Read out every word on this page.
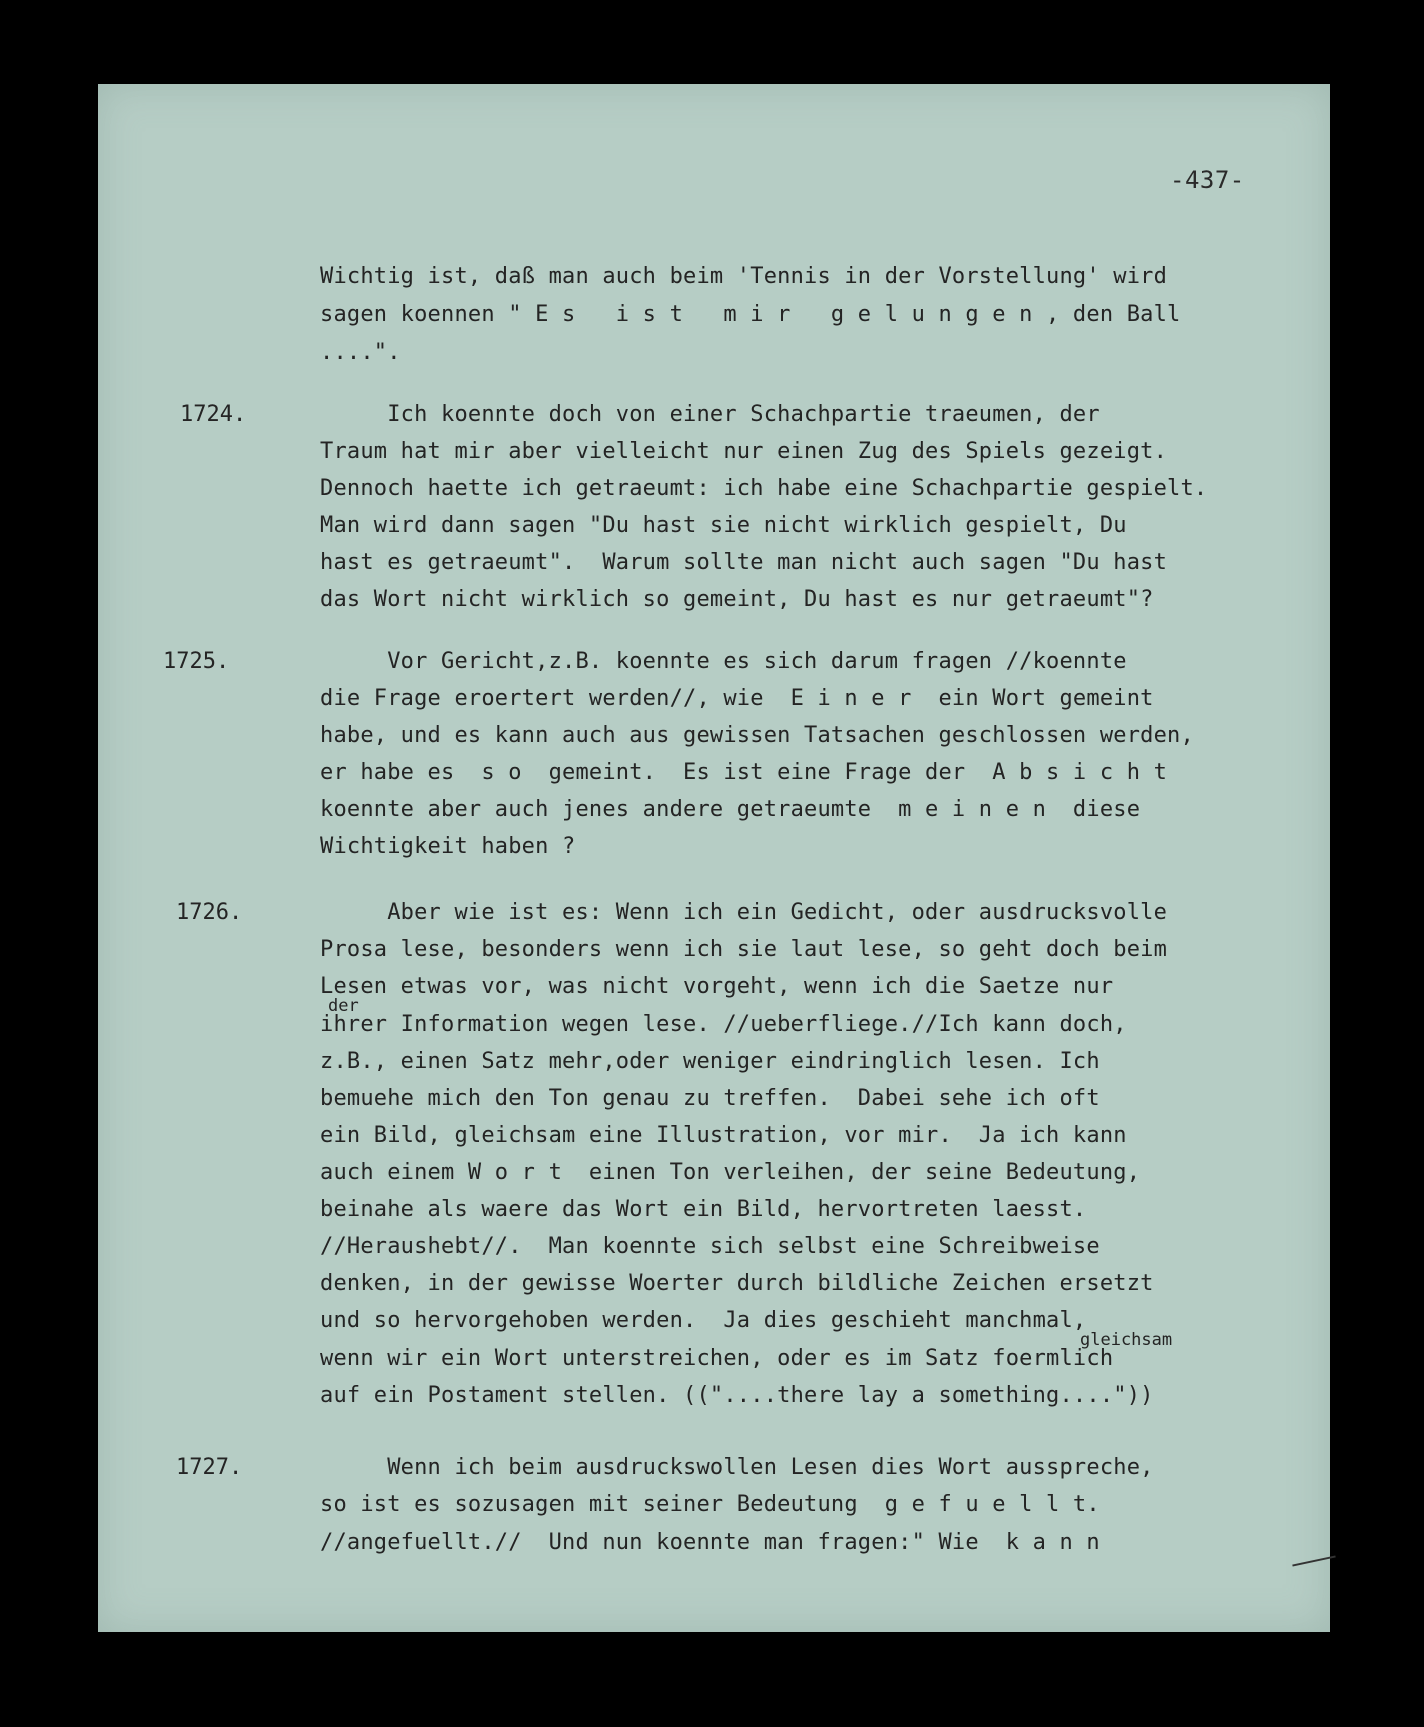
-437-
Wichtig ist, daß man auch beim 'Tennis in der Vorstellung' wird
sagen koennen " E s   i s t   m i r   g e l u n g e n , den Ball
....".
1724.	Ich koennte doch von einer Schachpartie traeumen, der
Traum hat mir aber vielleicht nur einen Zug des Spiels gezeigt.
Dennoch haette ich getraeumt: ich habe eine Schachpartie gespielt.
Man wird dann sagen "Du hast sie nicht wirklich gespielt, Du
hast es getraeumt".  Warum sollte man nicht auch sagen "Du hast
das Wort nicht wirklich so gemeint, Du hast es nur getraeumt"?
1725.	Vor Gericht,z.B. koennte es sich darum fragen //koennte
die Frage eroertert werden//, wie  E i n e r  ein Wort gemeint
habe, und es kann auch aus gewissen Tatsachen geschlossen werden,
er habe es  s o  gemeint.  Es ist eine Frage der  A b s i c h t
koennte aber auch jenes andere getraeumte  m e i n e n  diese
Wichtigkeit haben ?
1726.	Aber wie ist es: Wenn ich ein Gedicht, oder ausdrucksvolle
Prosa lese, besonders wenn ich sie laut lese, so geht doch beim
Lesen etwas vor, was nicht vorgeht, wenn ich die Saetze nur
der
ihrer Information wegen lese. //ueberfliege.//Ich kann doch,
z.B., einen Satz mehr,oder weniger eindringlich lesen. Ich
bemuehe mich den Ton genau zu treffen.  Dabei sehe ich oft
ein Bild, gleichsam eine Illustration, vor mir.  Ja ich kann
auch einem W o r t  einen Ton verleihen, der seine Bedeutung,
beinahe als waere das Wort ein Bild, hervortreten laesst.
//Heraushebt//.  Man koennte sich selbst eine Schreibweise
denken, in der gewisse Woerter durch bildliche Zeichen ersetzt
und so hervorgehoben werden.  Ja dies geschieht manchmal,
gleichsam
wenn wir ein Wort unterstreichen, oder es im Satz foermlich
auf ein Postament stellen. (("....there lay a something...."))
1727.	Wenn ich beim ausdruckswollen Lesen dies Wort ausspreche,
so ist es sozusagen mit seiner Bedeutung  g e f u e l l t.
//angefuellt.//  Und nun koennte man fragen:" Wie  k a n n
